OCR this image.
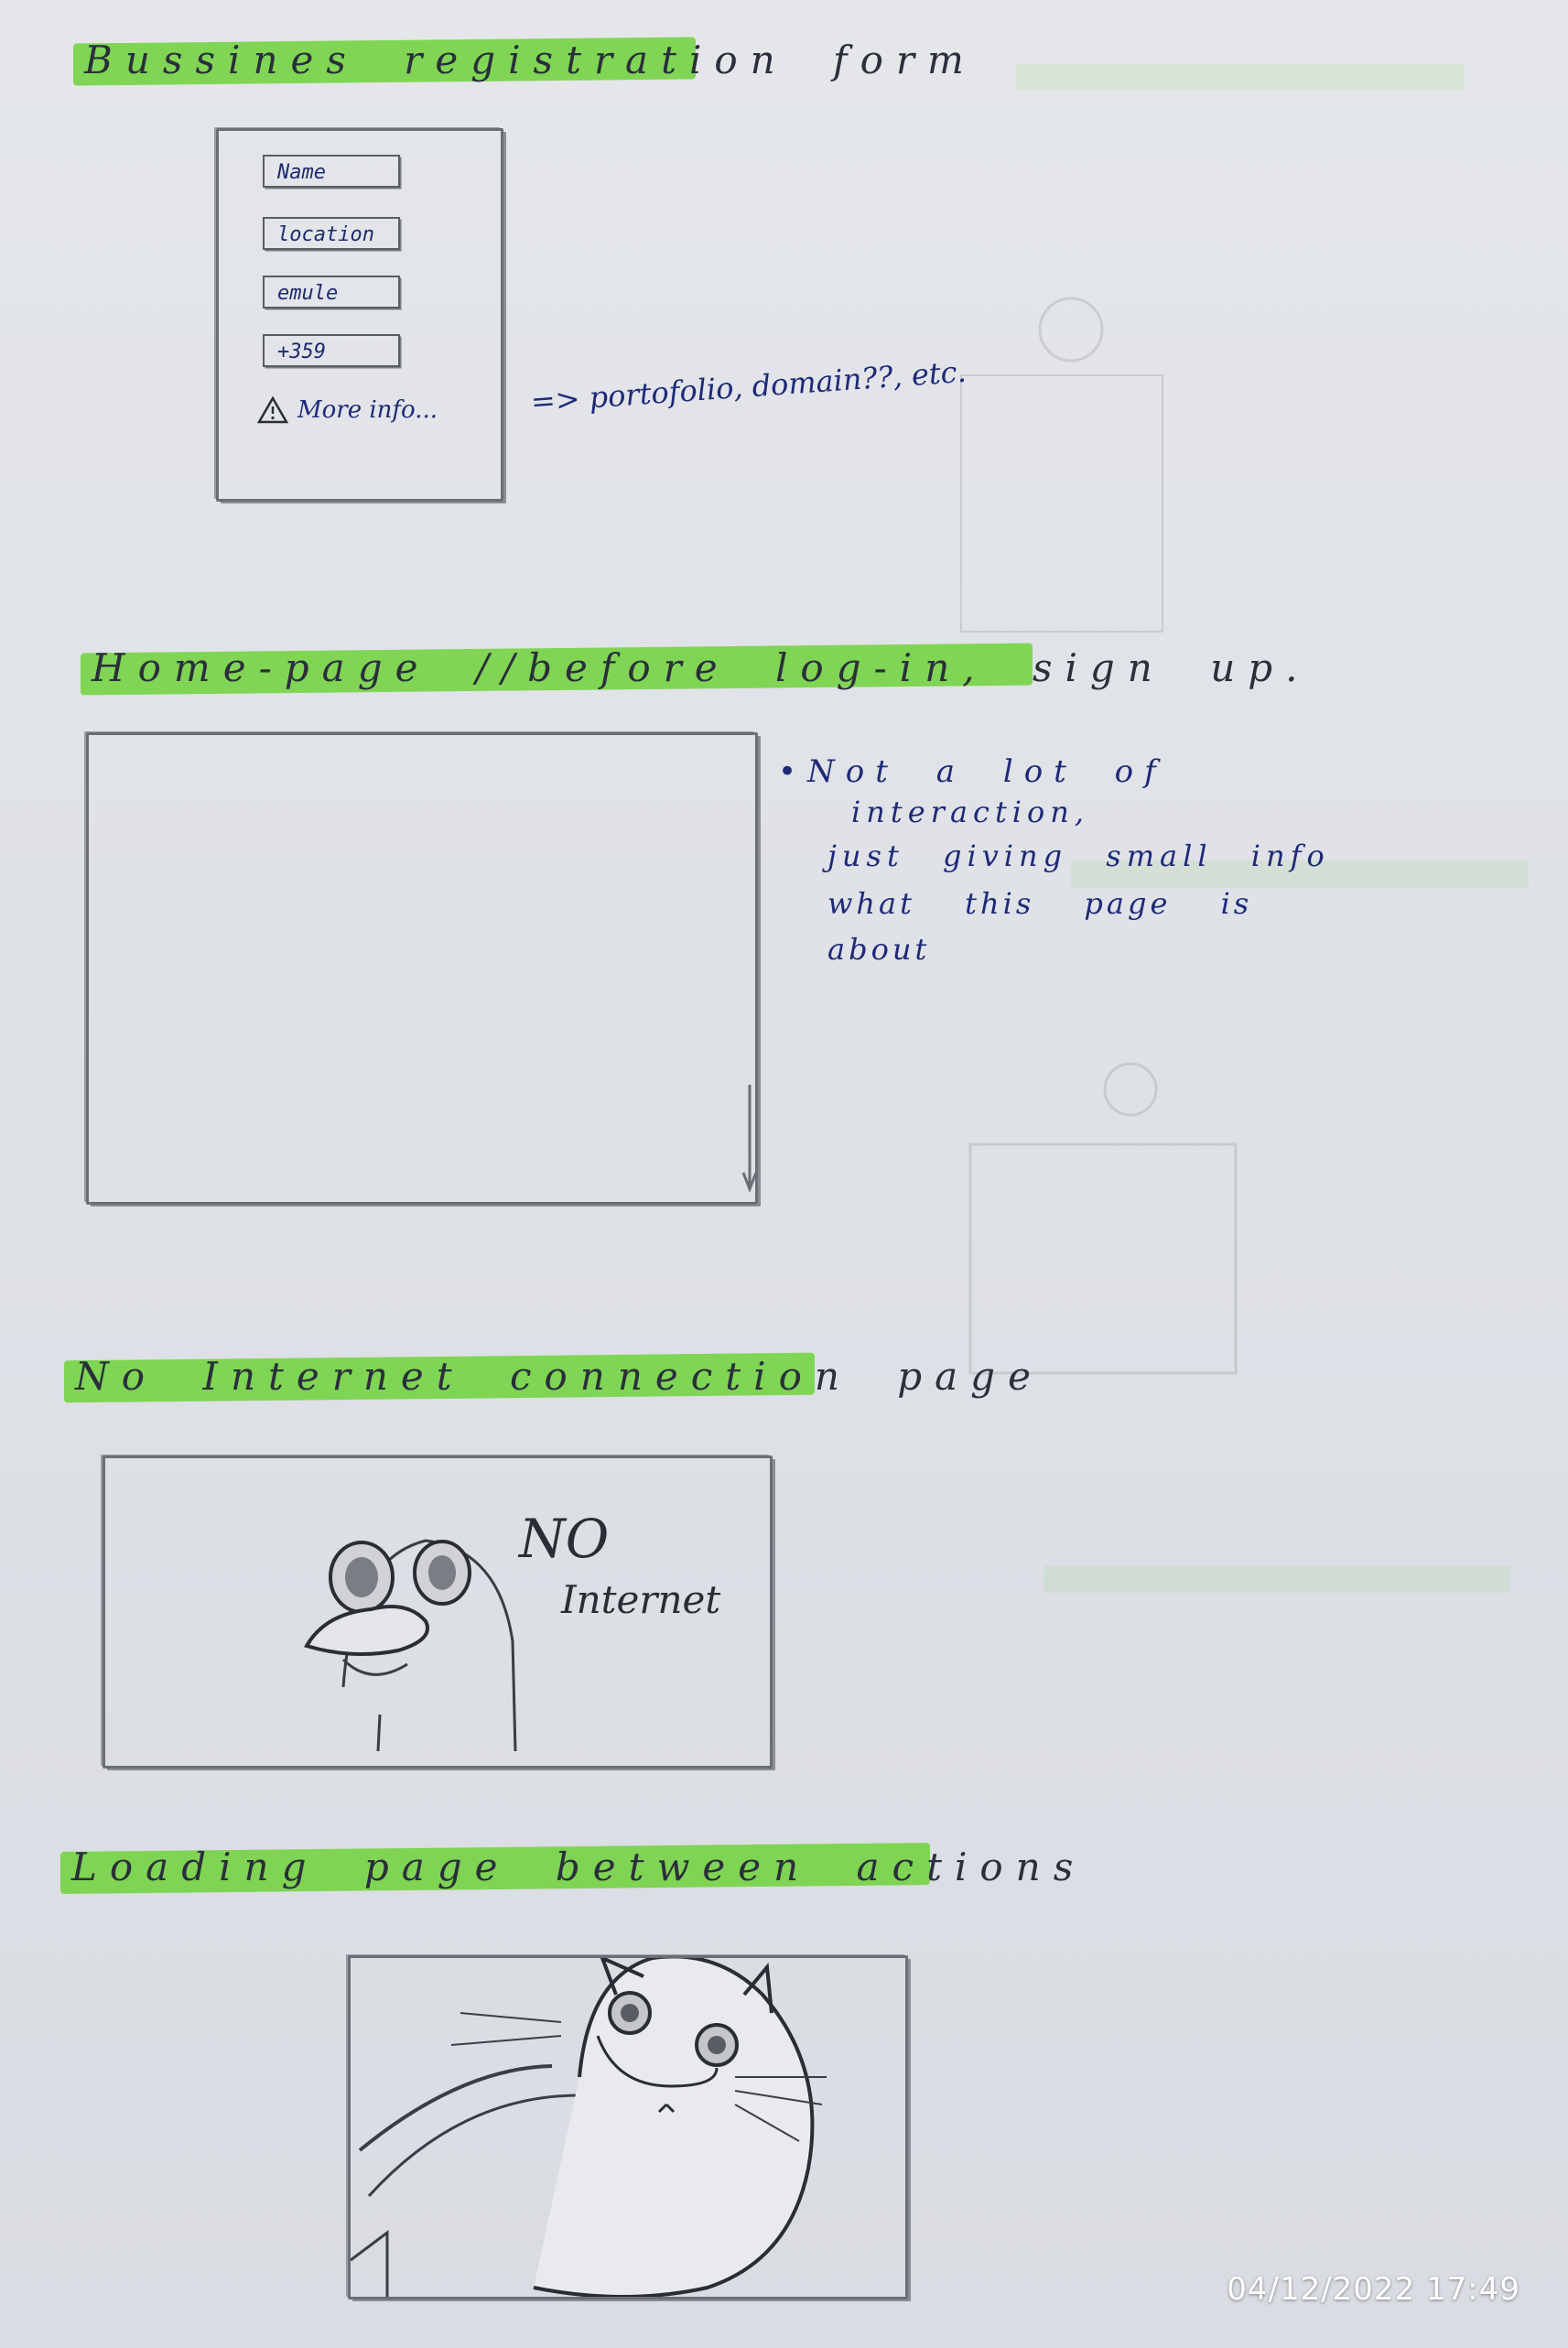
Bussines registration form
Name
location
emule
+359
More info...	=> portofolio, domain??, etc.
Home-page //before log-in, sign up.
•Not a lot of
interaction,
just giving small info
what this page is about
No Internet connection page
NO
Internet
Loading page between actions
04/12/2022 17:49
